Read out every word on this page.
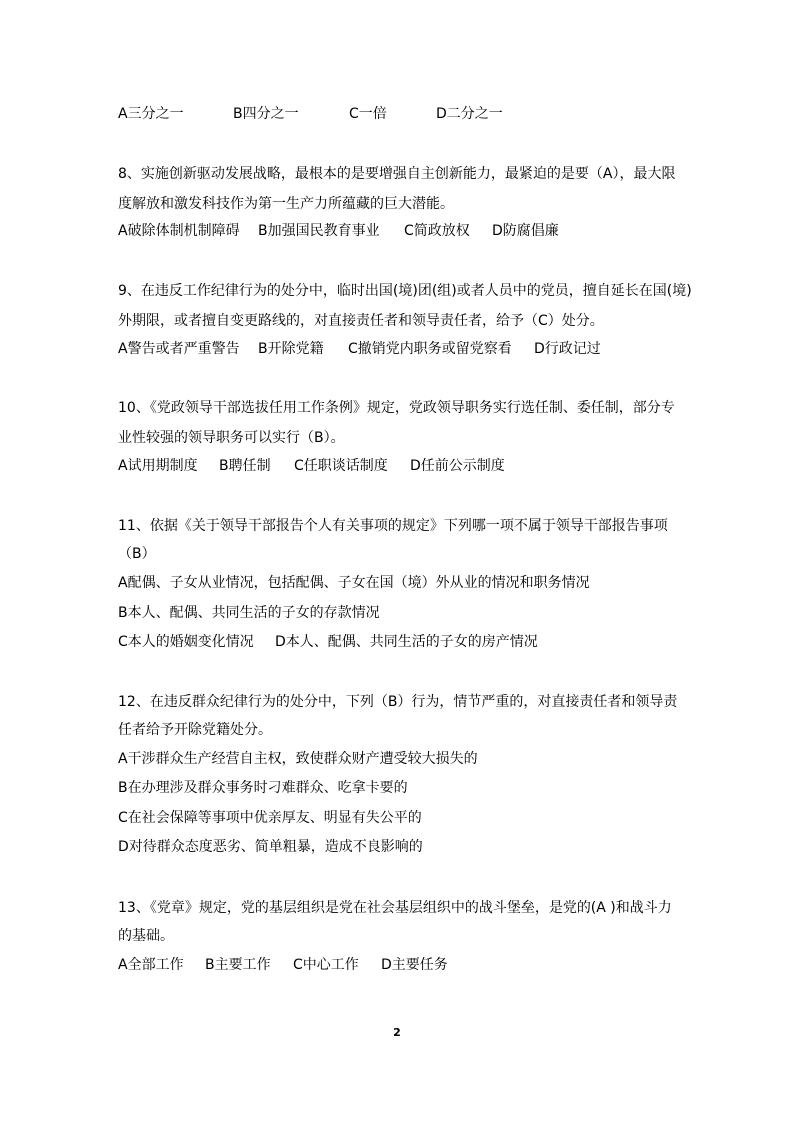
A三分之一	B四分之一	C一倍	D二分之一
8、实施创新驱动发展战略，最根本的是要增强自主创新能力，最紧迫的是要（A），最大限
度解放和激发科技作为第一生产力所蕴藏的巨大潜能。
A破除体制机制障碍 B加强国民教育事业 C简政放权 D防腐倡廉
9、在违反工作纪律行为的处分中，临时出国(境)团(组)或者人员中的党员，擅自延长在国(境)
外期限，或者擅自变更路线的，对直接责任者和领导责任者，给予（C）处分。
A警告或者严重警告 B开除党籍 C撤销党内职务或留党察看 D行政记过
10、《党政领导干部选拔任用工作条例》规定，党政领导职务实行选任制、委任制，部分专
业性较强的领导职务可以实行（B）。
A试用期制度 B聘任制 C任职谈话制度 D任前公示制度
11、依据《关于领导干部报告个人有关事项的规定》下列哪一项不属于领导干部报告事项
（B）
A配偶、子女从业情况，包括配偶、子女在国（境）外从业的情况和职务情况
B本人、配偶、共同生活的子女的存款情况
C本人的婚姻变化情况 D本人、配偶、共同生活的子女的房产情况
12、在违反群众纪律行为的处分中，下列（B）行为，情节严重的，对直接责任者和领导责
任者给予开除党籍处分。
A干涉群众生产经营自主权，致使群众财产遭受较大损失的
B在办理涉及群众事务时刁难群众、吃拿卡要的
C在社会保障等事项中优亲厚友、明显有失公平的
D对待群众态度恶劣、简单粗暴，造成不良影响的
13、《党章》规定，党的基层组织是党在社会基层组织中的战斗堡垒，是党的(A )和战斗力
的基础。
A全部工作 B主要工作 C中心工作 D主要任务
2
